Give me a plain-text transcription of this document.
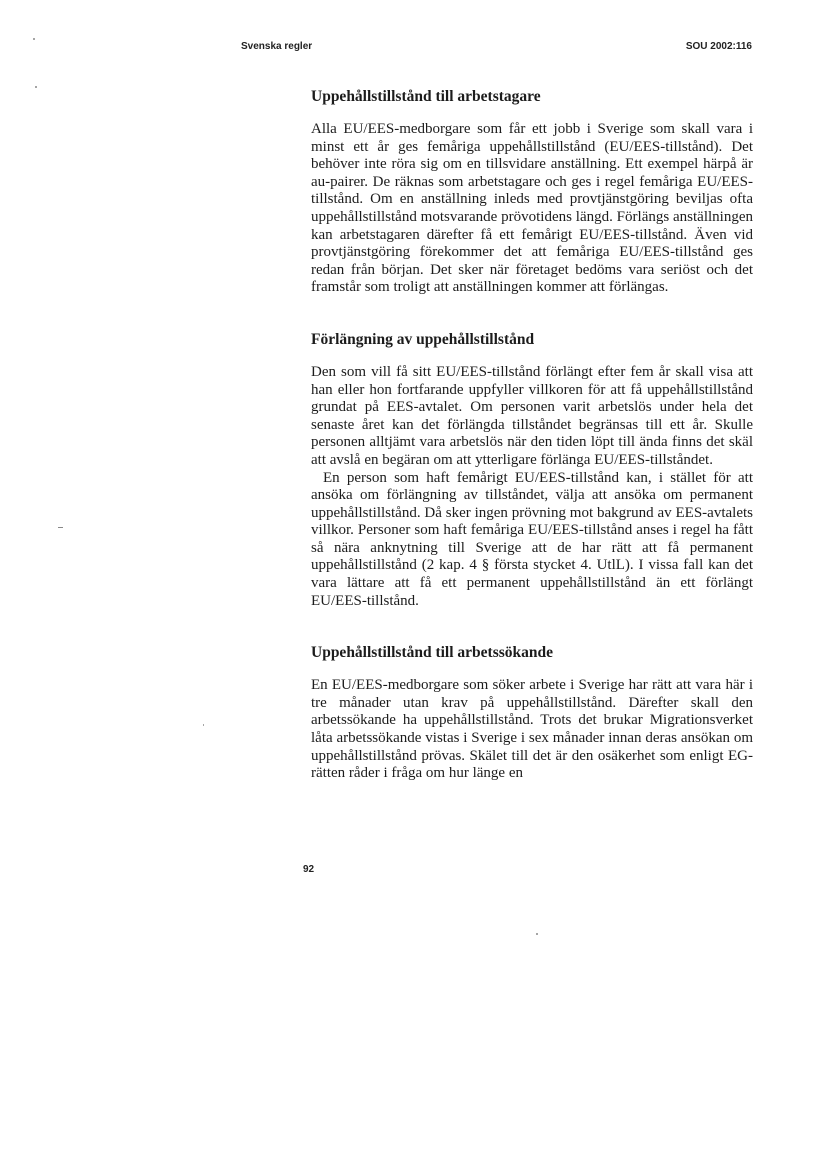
Svenska regler	SOU 2002:116
Uppehållstillstånd till arbetstagare

Alla EU/EES-medborgare som får ett jobb i Sverige som skall vara i minst ett år ges femåriga uppehållstillstånd (EU/EES-tillstånd). Det behöver inte röra sig om en tillsvidare anställning. Ett exempel härpå är au-pairer. De räknas som arbetstagare och ges i regel femåriga EU/EES-tillstånd. Om en anställning inleds med provtjänstgöring beviljas ofta uppehållstillstånd motsvarande prövotidens längd. Förlängs anställningen kan arbetstagaren därefter få ett femårigt EU/EES-tillstånd. Även vid provtjänstgöring förekommer det att femåriga EU/EES-tillstånd ges redan från början. Det sker när företaget bedöms vara seriöst och det framstår som troligt att anställningen kommer att förlängas.

Förlängning av uppehållstillstånd

Den som vill få sitt EU/EES-tillstånd förlängt efter fem år skall visa att han eller hon fortfarande uppfyller villkoren för att få uppehållstillstånd grundat på EES-avtalet. Om personen varit arbetslös under hela det senaste året kan det förlängda tillståndet begränsas till ett år. Skulle personen alltjämt vara arbetslös när den tiden löpt till ända finns det skäl att avslå en begäran om att ytterligare förlänga EU/EES-tillståndet.

En person som haft femårigt EU/EES-tillstånd kan, i stället för att ansöka om förlängning av tillståndet, välja att ansöka om permanent uppehållstillstånd. Då sker ingen prövning mot bakgrund av EES-avtalets villkor. Personer som haft femåriga EU/EES-tillstånd anses i regel ha fått så nära anknytning till Sverige att de har rätt att få permanent uppehållstillstånd (2 kap. 4 § första stycket 4. UtlL). I vissa fall kan det vara lättare att få ett permanent uppehållstillstånd än ett förlängt EU/EES-tillstånd.

Uppehållstillstånd till arbetssökande

En EU/EES-medborgare som söker arbete i Sverige har rätt att vara här i tre månader utan krav på uppehållstillstånd. Därefter skall den arbetssökande ha uppehållstillstånd. Trots det brukar Migrationsverket låta arbetssökande vistas i Sverige i sex månader innan deras ansökan om uppehållstillstånd prövas. Skälet till det är den osäkerhet som enligt EG-rätten råder i fråga om hur länge en

92
